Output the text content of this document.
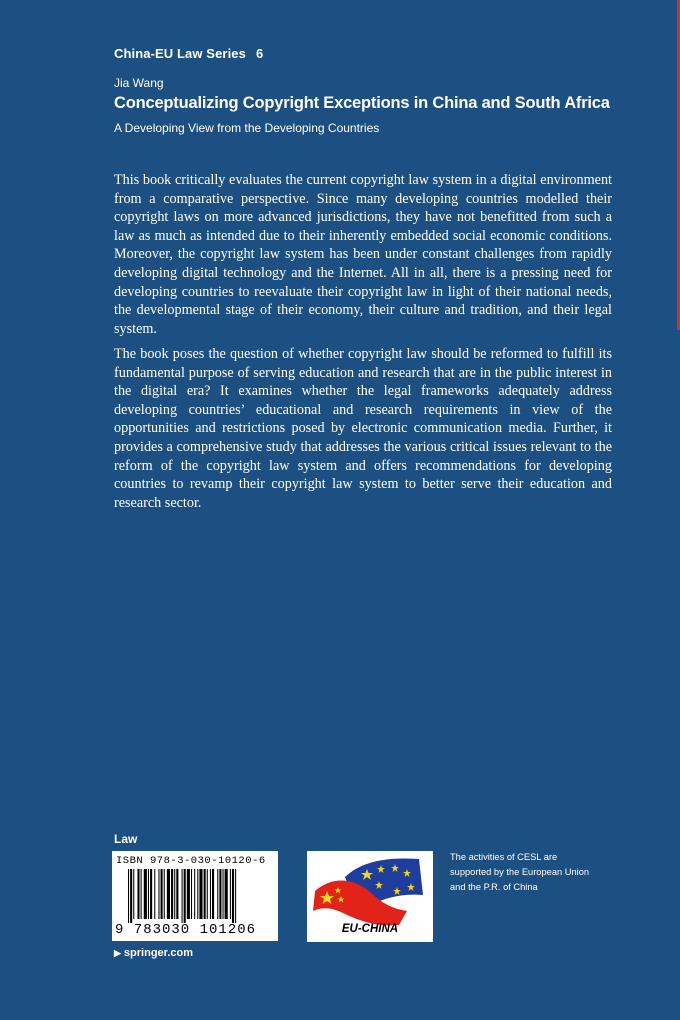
China-EU Law Series 6
Jia Wang
Conceptualizing Copyright Exceptions in China and South Africa
A Developing View from the Developing Countries

This book critically evaluates the current copyright law system in a digital environment from a comparative perspective. Since many developing countries modelled their copyright laws on more advanced jurisdictions, they have not benefitted from such a law as much as intended due to their inherently embedded social economic conditions. Moreover, the copyright law system has been under constant challenges from rapidly developing digital technology and the Internet. All in all, there is a pressing need for developing countries to reevaluate their copyright law in light of their national needs, the developmental stage of their economy, their culture and tradition, and their legal system.

The book poses the question of whether copyright law should be reformed to fulfill its fundamental purpose of serving education and research that are in the public interest in the digital era? It examines whether the legal frameworks adequately address developing countries’ educational and research requirements in view of the opportunities and restrictions posed by electronic communication media. Further, it provides a comprehensive study that addresses the various critical issues relevant to the reform of the copyright law system and offers recommendations for developing countries to revamp their copyright law system to better serve their education and research sector.

Law
ISBN 978-3-030-10120-6
9 783030 101206
▶ springer.com
EU-CHINA
The activities of CESL are supported by the European Union and the P.R. of China
